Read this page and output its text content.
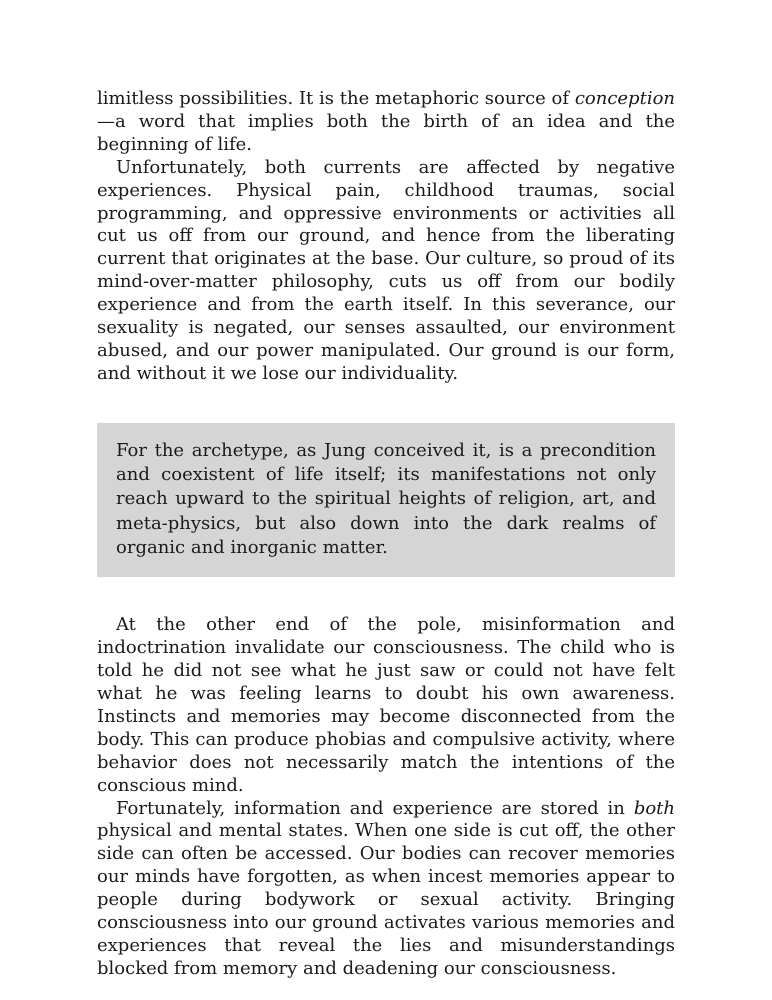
limitless possibilities. It is the metaphoric source of conception—a word that implies both the birth of an idea and the beginning of life.

Unfortunately, both currents are affected by negative experiences. Physical pain, childhood traumas, social programming, and oppressive environments or activities all cut us off from our ground, and hence from the liberating current that originates at the base. Our culture, so proud of its mind-over-matter philosophy, cuts us off from our bodily experience and from the earth itself. In this severance, our sexuality is negated, our senses assaulted, our environment abused, and our power manipulated. Our ground is our form, and without it we lose our individuality.

For the archetype, as Jung conceived it, is a precondition and coexistent of life itself; its manifestations not only reach upward to the spiritual heights of religion, art, and meta-physics, but also down into the dark realms of organic and inorganic matter.

At the other end of the pole, misinformation and indoctrination invalidate our consciousness. The child who is told he did not see what he just saw or could not have felt what he was feeling learns to doubt his own awareness. Instincts and memories may become disconnected from the body. This can produce phobias and compulsive activity, where behavior does not necessarily match the intentions of the conscious mind.

Fortunately, information and experience are stored in both physical and mental states. When one side is cut off, the other side can often be accessed. Our bodies can recover memories our minds have forgotten, as when incest memories appear to people during bodywork or sexual activity. Bringing consciousness into our ground activates various memories and experiences that reveal the lies and misunderstandings blocked from memory and deadening our consciousness.
